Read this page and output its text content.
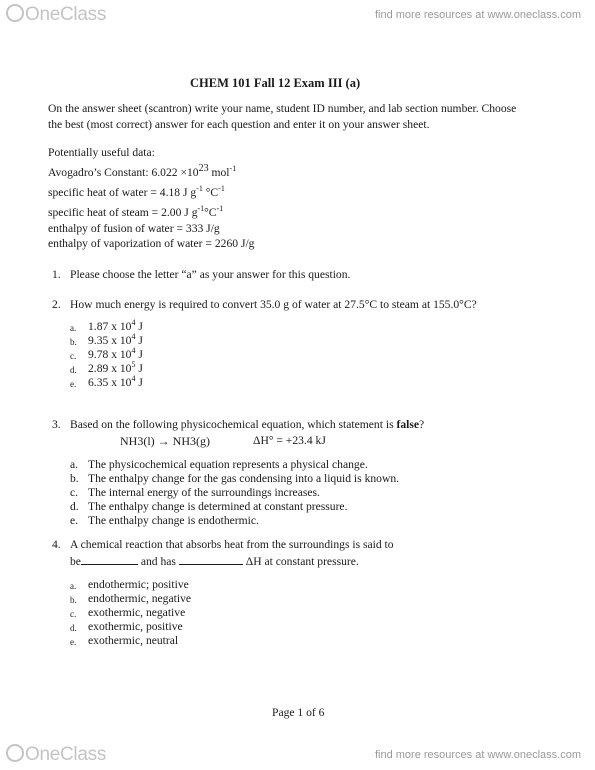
OneClass	find more resources at www.oneclass.com
CHEM 101 Fall 12 Exam III (a)
On the answer sheet (scantron) write your name, student ID number, and lab section number. Choose
the best (most correct) answer for each question and enter it on your answer sheet.
Potentially useful data:
Avogadro’s Constant: 6.022 ×1023 mol$^{-1}$
specific heat of water = 4.18 J $g^{-1}$ $^\circ C^{-1}$
specific heat of steam = 2.00 J $g^{-1}^\circ C^{-1}$
enthalpy of fusion of water = 333 J/g
enthalpy of vaporization of water = 2260 J/g
1. Please choose the letter “a” as your answer for this question.
2. How much energy is required to convert 35.0 g of water at 27.5°C to steam at 155.0°C?
a. 1.87 x $10^4$ J
b. 9.35 x $10^4$ J
c. 9.78 x $10^4$ J
d. 2.89 x $10^5$ J
e. 6.35 x $10^4$ J
3. Based on the following physicochemical equation, which statement is false?
NH3(l) → NH3(g)	ΔH° = +23.4 kJ
a. The physicochemical equation represents a physical change.
b. The enthalpy change for the gas condensing into a liquid is known.
c. The internal energy of the surroundings increases.
d. The enthalpy change is determined at constant pressure.
e. The enthalpy change is endothermic.
4. A chemical reaction that absorbs heat from the surroundings is said to
be	and has	ΔH at constant pressure.
a. endothermic; positive
b. endothermic, negative
c. exothermic, negative
d. exothermic, positive
e. exothermic, neutral
Page 1 of 6
OneClass	find more resources at www.oneclass.com
